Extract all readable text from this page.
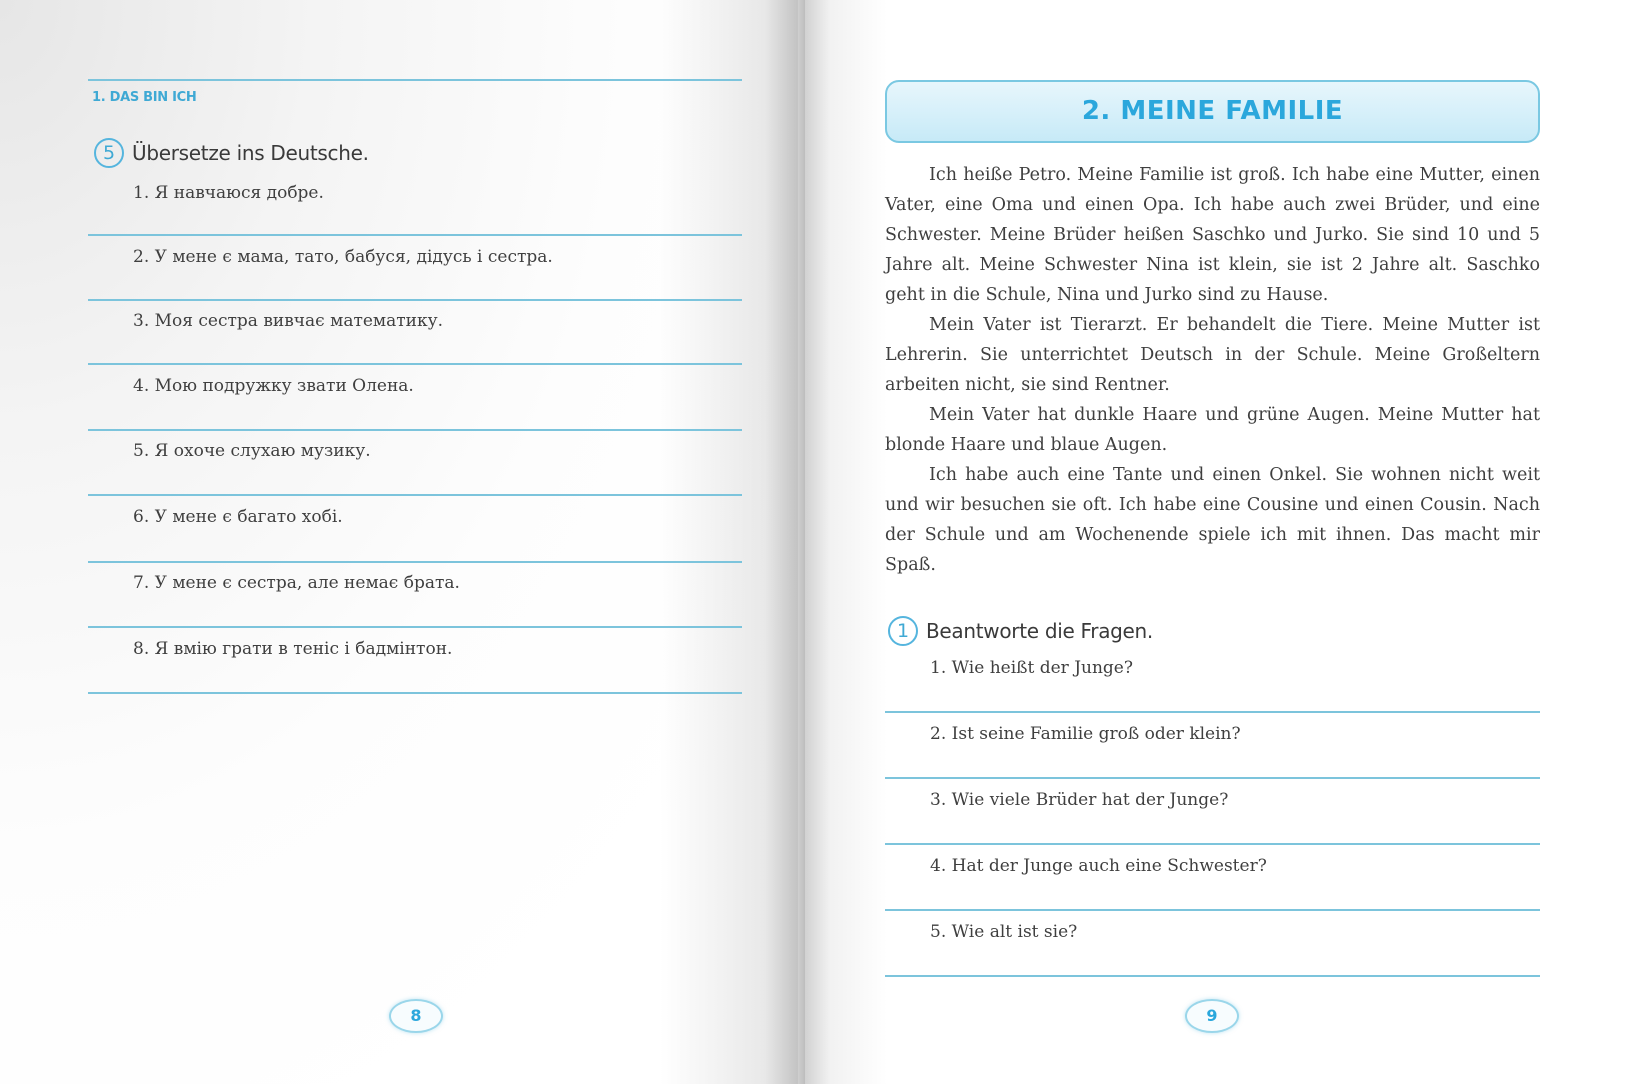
1. DAS BIN ICH
5 Übersetze ins Deutsche.
1. Я навчаюся добре.
2. У мене є мама, тато, бабуся, дідусь і сестра.
3. Моя сестра вивчає математику.
4. Мою подружку звати Олена.
5. Я охоче слухаю музику.
6. У мене є багато хобі.
7. У мене є сестра, але немає брата.
8. Я вмію грати в теніс і бадмінтон.
8
2. MEINE FAMILIE

Ich heiße Petro. Meine Familie ist groß. Ich habe eine Mutter, einen Vater, eine Oma und einen Opa. Ich habe auch zwei Brüder, und eine Schwester. Meine Brüder heißen Saschko und Jurko. Sie sind 10 und 5 Jahre alt. Meine Schwester Nina ist klein, sie ist 2 Jahre alt. Saschko geht in die Schule, Nina und Jurko sind zu Hause.

Mein Vater ist Tierarzt. Er behandelt die Tiere. Meine Mutter ist Lehrerin. Sie unterrichtet Deutsch in der Schule. Meine Großeltern arbeiten nicht, sie sind Rentner.

Mein Vater hat dunkle Haare und grüne Augen. Meine Mutter hat blonde Haare und blaue Augen.

Ich habe auch eine Tante und einen Onkel. Sie wohnen nicht weit und wir besuchen sie oft. Ich habe eine Cousine und einen Cousin. Nach der Schule und am Wochenende spiele ich mit ihnen. Das macht mir Spaß.

1 Beantworte die Fragen.
1. Wie heißt der Junge?
2. Ist seine Familie groß oder klein?
3. Wie viele Brüder hat der Junge?
4. Hat der Junge auch eine Schwester?
5. Wie alt ist sie?
9
